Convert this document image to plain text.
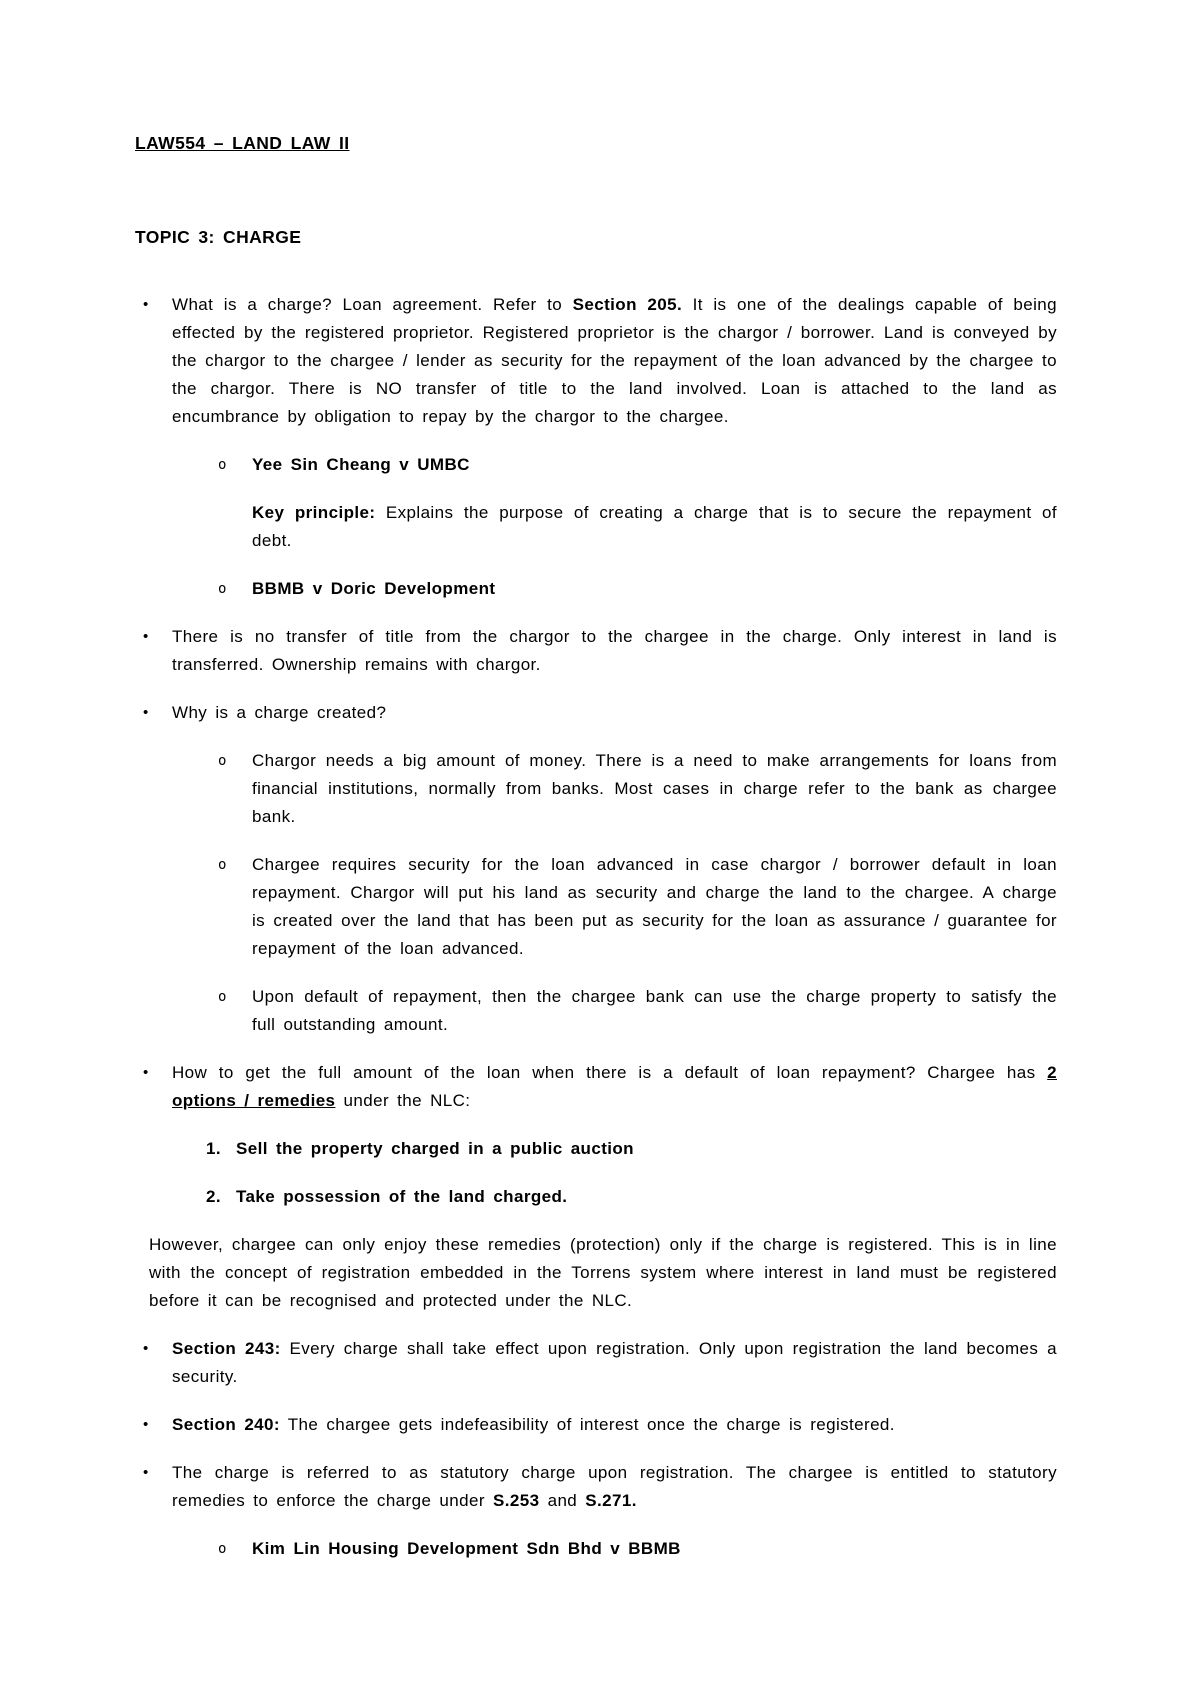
LAW554 – LAND LAW II
TOPIC 3: CHARGE
•	What is a charge? Loan agreement. Refer to Section 205. It is one of the dealings capable of being effected by the registered proprietor. Registered proprietor is the chargor / borrower. Land is conveyed by the chargor to the chargee / lender as security for the repayment of the loan advanced by the chargee to the chargor. There is NO transfer of title to the land involved. Loan is attached to the land as encumbrance by obligation to repay by the chargor to the chargee.
o	Yee Sin Cheang v UMBC
Key principle: Explains the purpose of creating a charge that is to secure the repayment of debt.
o	BBMB v Doric Development
•	There is no transfer of title from the chargor to the chargee in the charge. Only interest in land is transferred. Ownership remains with chargor.
•	Why is a charge created?
o	Chargor needs a big amount of money. There is a need to make arrangements for loans from financial institutions, normally from banks. Most cases in charge refer to the bank as chargee bank.
o	Chargee requires security for the loan advanced in case chargor / borrower default in loan repayment. Chargor will put his land as security and charge the land to the chargee. A charge is created over the land that has been put as security for the loan as assurance / guarantee for repayment of the loan advanced.
o	Upon default of repayment, then the chargee bank can use the charge property to satisfy the full outstanding amount.
•	How to get the full amount of the loan when there is a default of loan repayment? Chargee has 2 options / remedies under the NLC:
1. Sell the property charged in a public auction
2. Take possession of the land charged.
However, chargee can only enjoy these remedies (protection) only if the charge is registered. This is in line with the concept of registration embedded in the Torrens system where interest in land must be registered before it can be recognised and protected under the NLC.
•	Section 243: Every charge shall take effect upon registration. Only upon registration the land becomes a security.
•	Section 240: The chargee gets indefeasibility of interest once the charge is registered.
•	The charge is referred to as statutory charge upon registration. The chargee is entitled to statutory remedies to enforce the charge under S.253 and S.271.
o	Kim Lin Housing Development Sdn Bhd v BBMB
